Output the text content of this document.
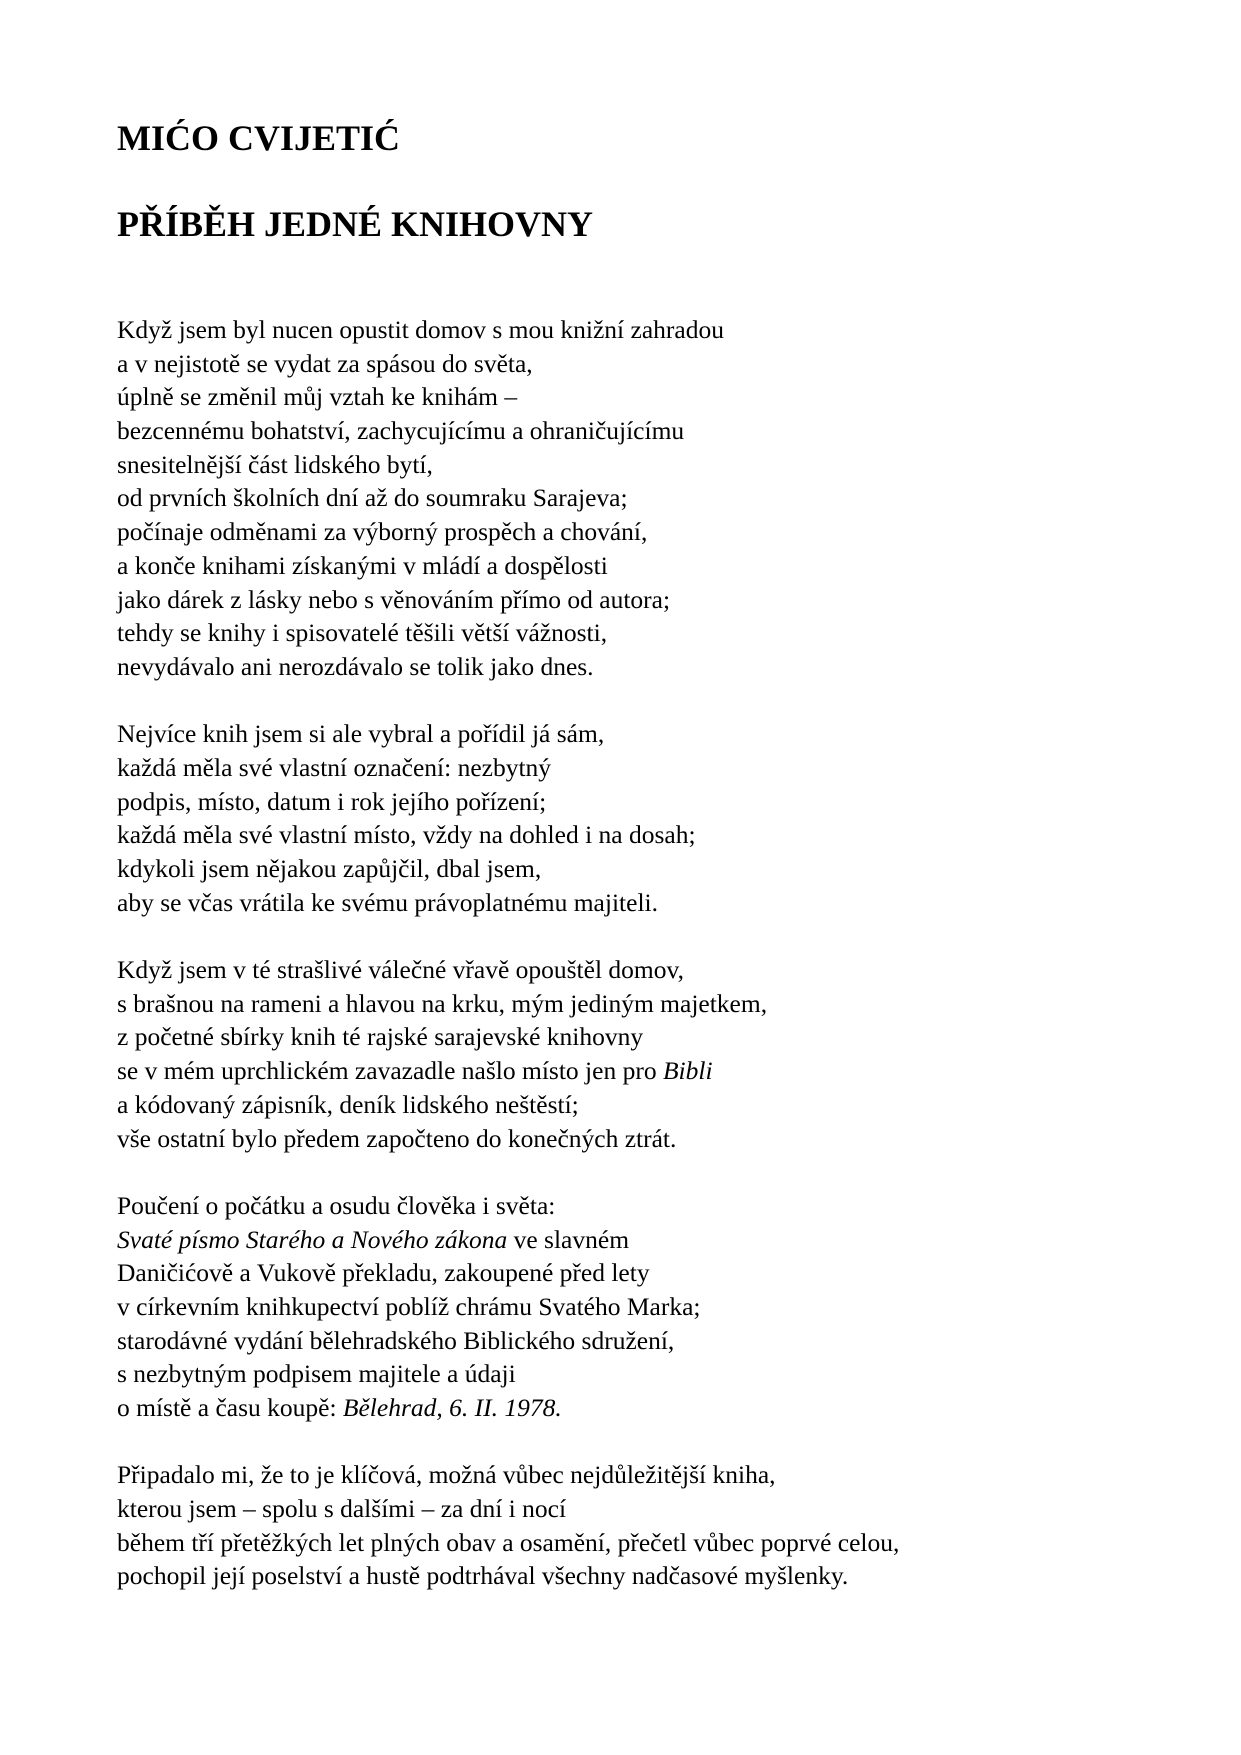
MIĆO CVIJETIĆ
PŘÍBĚH JEDNÉ KNIHOVNY
Když jsem byl nucen opustit domov s mou knižní zahradou
a v nejistotě se vydat za spásou do světa,
úplně se změnil můj vztah ke knihám –
bezcennému bohatství, zachycujícímu a ohraničujícímu
snesitelnější část lidského bytí,
od prvních školních dní až do soumraku Sarajeva;
počínaje odměnami za výborný prospěch a chování,
a konče knihami získanými v mládí a dospělosti
jako dárek z lásky nebo s věnováním přímo od autora;
tehdy se knihy i spisovatelé těšili větší vážnosti,
nevydávalo ani nerozdávalo se tolik jako dnes.
Nejvíce knih jsem si ale vybral a pořídil já sám,
každá měla své vlastní označení: nezbytný
podpis, místo, datum i rok jejího pořízení;
každá měla své vlastní místo, vždy na dohled i na dosah;
kdykoli jsem nějakou zapůjčil, dbal jsem,
aby se včas vrátila ke svému právoplatnému majiteli.
Když jsem v té strašlivé válečné vřavě opouštěl domov,
s brašnou na rameni a hlavou na krku, mým jediným majetkem,
z početné sbírky knih té rajské sarajevské knihovny
se v mém uprchlickém zavazadle našlo místo jen pro Bibli
a kódovaný zápisník, deník lidského neštěstí;
vše ostatní bylo předem započteno do konečných ztrát.
Poučení o počátku a osudu člověka i světa:
Svaté písmo Starého a Nového zákona ve slavném
Daničićově a Vukově překladu, zakoupené před lety
v církevním knihkupectví poblíž chrámu Svatého Marka;
starodávné vydání bělehradského Biblického sdružení,
s nezbytným podpisem majitele a údaji
o místě a času koupě: Bělehrad, 6. II. 1978.
Připadalo mi, že to je klíčová, možná vůbec nejdůležitější kniha,
kterou jsem – spolu s dalšími – za dní i nocí
během tří přetěžkých let plných obav a osamění, přečetl vůbec poprvé celou,
pochopil její poselství a hustě podtrhával všechny nadčasové myšlenky.
